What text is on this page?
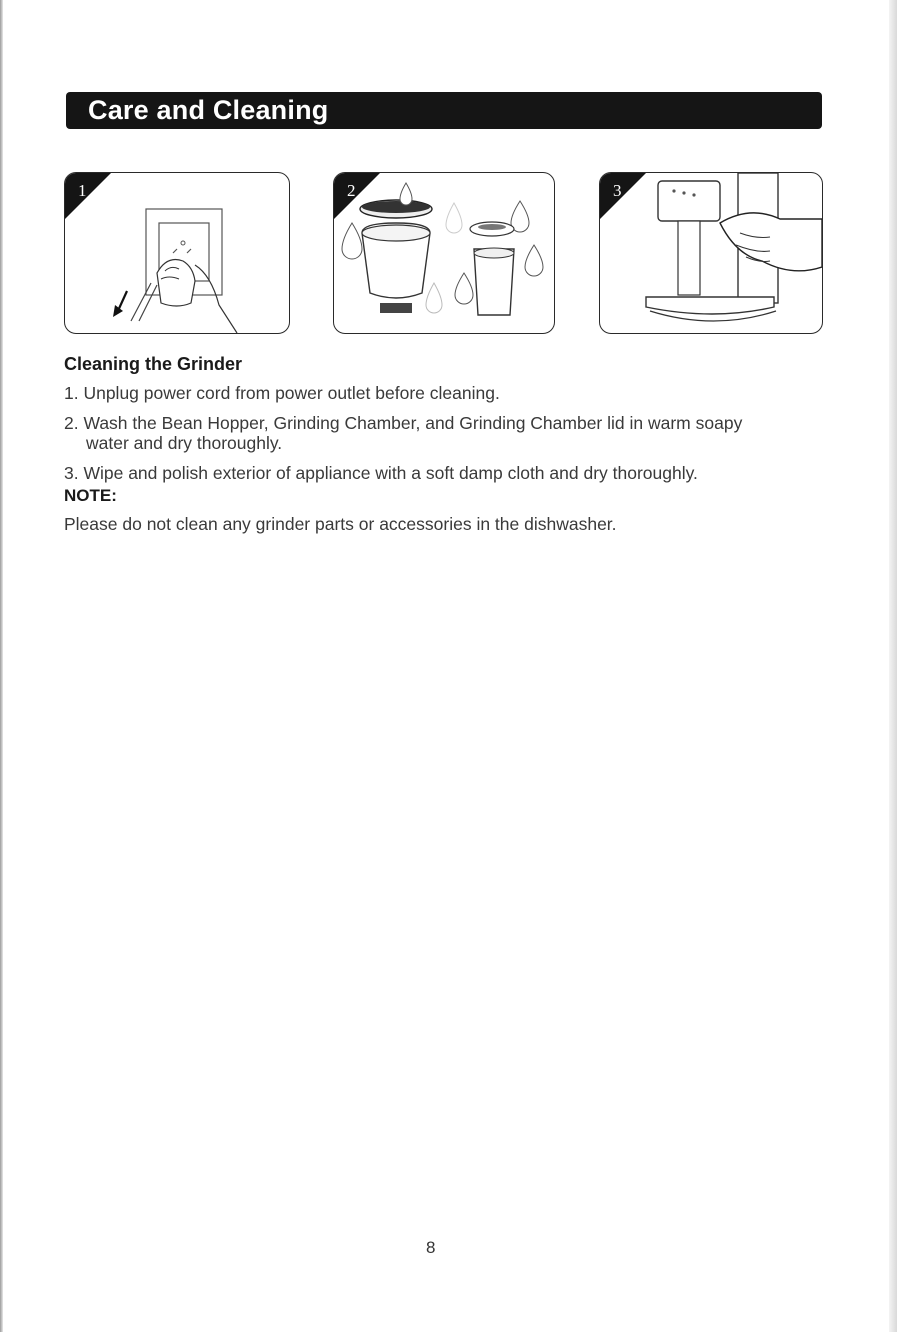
Care and Cleaning
1	2	3
Cleaning the Grinder
1. Unplug power cord from power outlet before cleaning.
2. Wash the Bean Hopper, Grinding Chamber, and Grinding Chamber lid in warm soapy
water and dry thoroughly.
3. Wipe and polish exterior of appliance with a soft damp cloth and dry thoroughly.
NOTE:
Please do not clean any grinder parts or accessories in the dishwasher.
8
